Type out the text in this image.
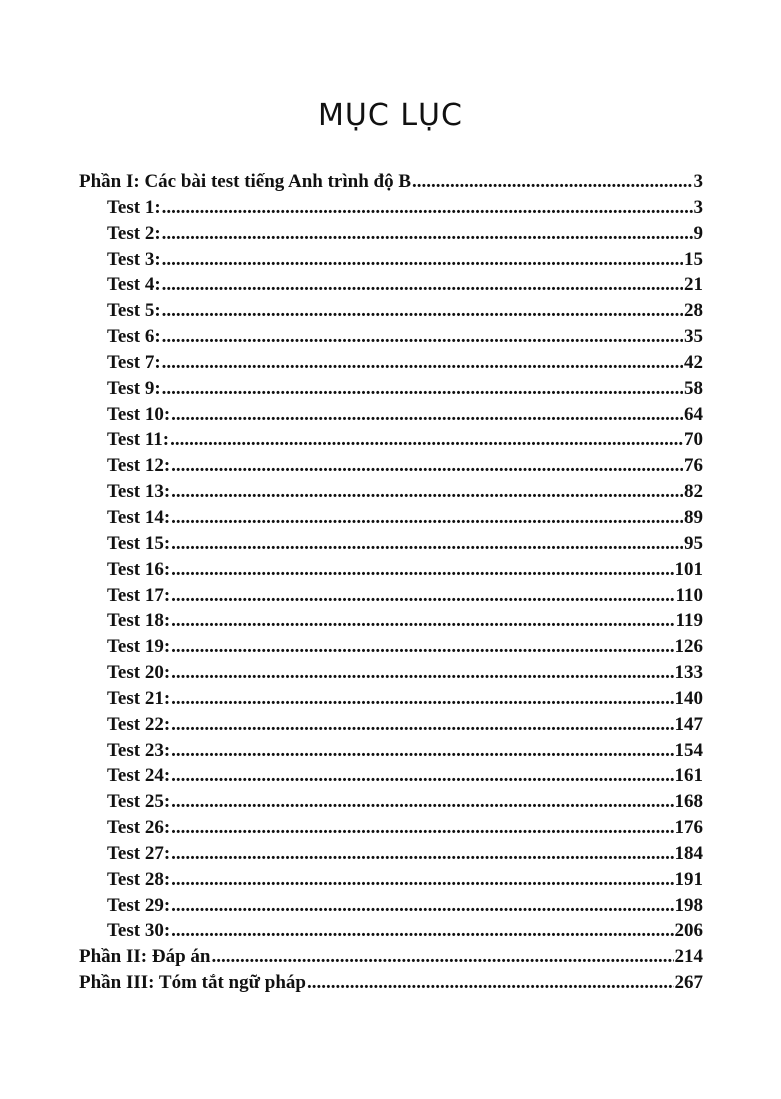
MỤC LỤC
Phần I: Các bài test tiếng Anh trình độ B .....	3
Test 1: .....	3
Test 2: .....	9
Test 3: .....	15
Test 4: .....	21
Test 5: .....	28
Test 6: .....	35
Test 7: .....	42
Test 9: .....	58
Test 10: .....	64
Test 11: .....	70
Test 12: .....	76
Test 13: .....	82
Test 14: .....	89
Test 15: .....	95
Test 16: .....	101
Test 17: .....	110
Test 18: .....	119
Test 19: .....	126
Test 20: .....	133
Test 21: .....	140
Test 22: .....	147
Test 23: .....	154
Test 24: .....	161
Test 25: .....	168
Test 26: .....	176
Test 27: .....	184
Test 28: .....	191
Test 29: .....	198
Test 30: .....	206
Phần II: Đáp án .....	214
Phần III: Tóm tắt ngữ pháp .....	267
